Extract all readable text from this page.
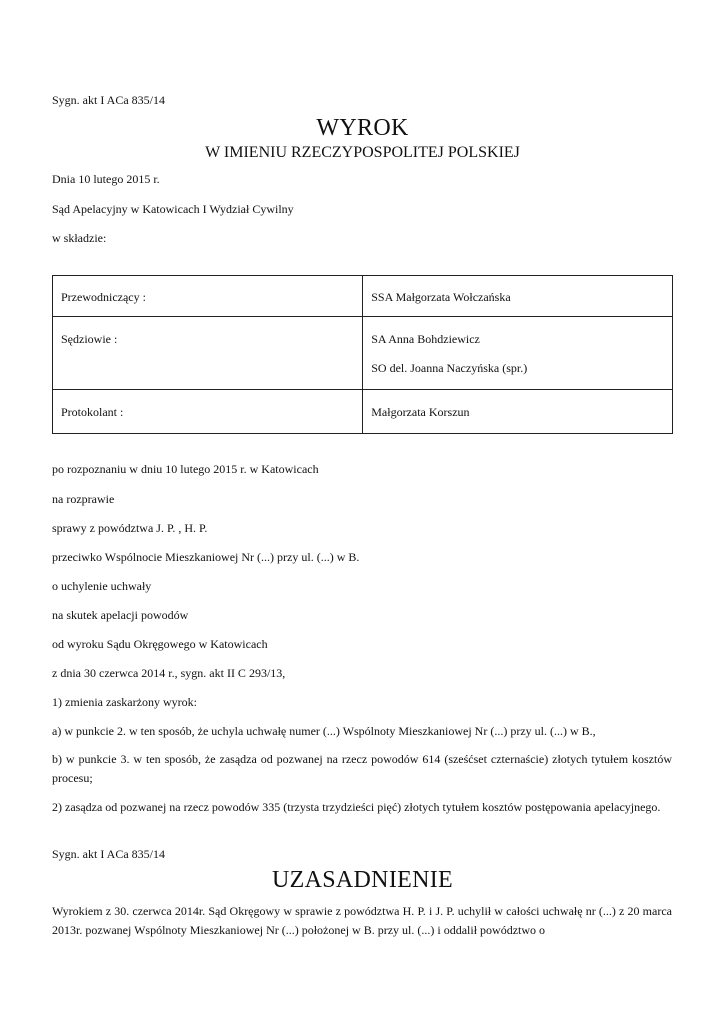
Sygn. akt I ACa 835/14
WYROK
W IMIENIU RZECZYPOSPOLITEJ POLSKIEJ
Dnia 10 lutego 2015 r.
Sąd Apelacyjny w Katowicach I Wydział Cywilny
w składzie:
Przewodniczący :	SSA Małgorzata Wołczańska

Sędziowie :	SA Anna Bohdziewicz
SO del. Joanna Naczyńska (spr.)

Protokolant :	Małgorzata Korszun
po rozpoznaniu w dniu 10 lutego 2015 r. w Katowicach
na rozprawie
sprawy z powództwa J. P. , H. P.
przeciwko Wspólnocie Mieszkaniowej Nr (...) przy ul. (...) w B.
o uchylenie uchwały
na skutek apelacji powodów
od wyroku Sądu Okręgowego w Katowicach
z dnia 30 czerwca 2014 r., sygn. akt II C 293/13,
1) zmienia zaskarżony wyrok:
a) w punkcie 2. w ten sposób, że uchyla uchwałę numer (...) Wspólnoty Mieszkaniowej Nr (...) przy ul. (...) w B.,
b) w punkcie 3. w ten sposób, że zasądza od pozwanej na rzecz powodów 614 (sześćset czternaście) złotych tytułem kosztów procesu;
2) zasądza od pozwanej na rzecz powodów 335 (trzysta trzydzieści pięć) złotych tytułem kosztów postępowania apelacyjnego.
Sygn. akt I ACa 835/14
UZASADNIENIE
Wyrokiem z 30. czerwca 2014r. Sąd Okręgowy w sprawie z powództwa H. P. i J. P. uchylił w całości uchwałę nr (...) z 20 marca 2013r. pozwanej Wspólnoty Mieszkaniowej Nr (...) położonej w B. przy ul. (...) i oddalił powództwo o
